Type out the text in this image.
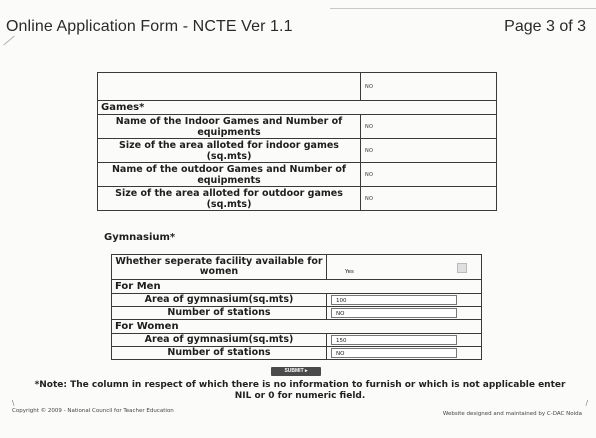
Online Application Form - NCTE Ver 1.1	Page 3 of 3
	NO
Games*	
Name of the Indoor Games and Number of equipments	NO
Size of the area alloted for indoor games (sq.mts)	NO
Name of the outdoor Games and Number of equipments	NO
Size of the area alloted for outdoor games (sq.mts)	NO
Gymnasium*
Whether seperate facility available for women	Yes

For Men	
Area of gymnasium(sq.mts)	100

Number of stations	NO

For Women	
Area of gymnasium(sq.mts)	150

Number of stations	NO
SUBMIT ▸
*Note: The column in respect of which there is no information to furnish or which is not applicable enter NIL or 0 for numeric field.
\	/
Copyright © 2009 - National Council for Teacher Education	Website designed and maintained by C-DAC Noida
